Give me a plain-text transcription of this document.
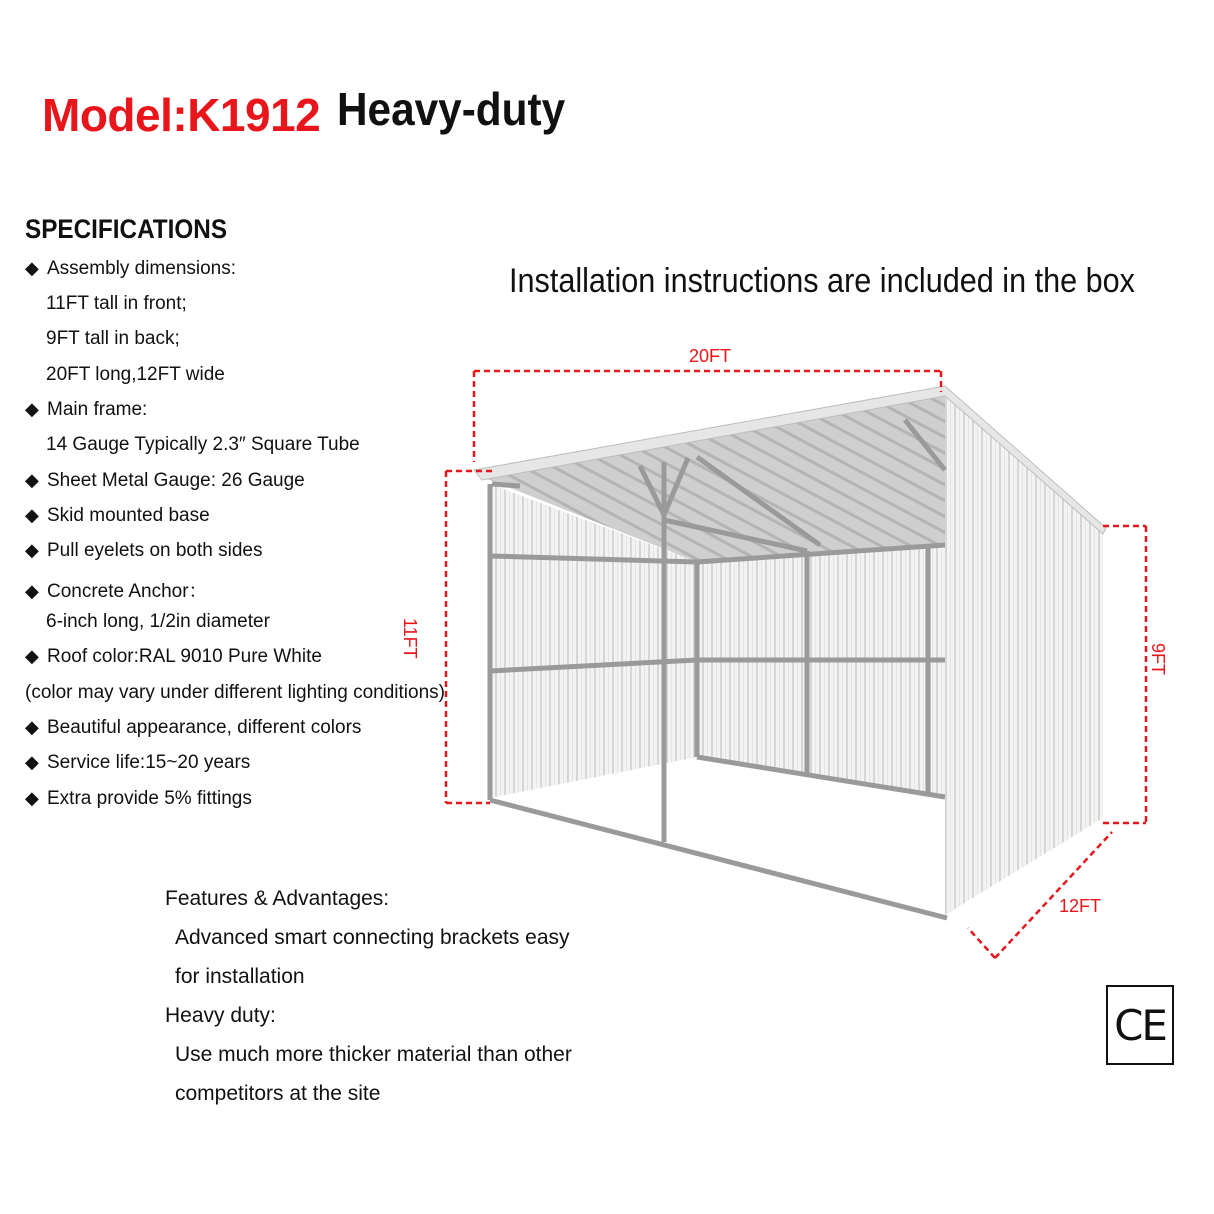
Model:K1912 Heavy-duty
SPECIFICATIONS
◆ Assembly dimensions:
11FT tall in front;
9FT tall in back;
20FT long,12FT wide
◆ Main frame:
14 Gauge Typically 2.3″ Square Tube
◆ Sheet Metal Gauge: 26 Gauge
◆ Skid mounted base
◆ Pull eyelets on both sides
◆ Concrete Anchor：
6-inch long, 1/2in diameter
◆ Roof color:RAL 9010 Pure White
(color may vary under different lighting conditions)
◆ Beautiful appearance, different colors
◆ Service life:15~20 years
◆ Extra provide 5% fittings
Installation instructions are included in the box
20FT
11FT
9FT
12FT
Features & Advantages:
Advanced smart connecting brackets easy
for installation
Heavy duty:
Use much more thicker material than other
competitors at the site
CE
